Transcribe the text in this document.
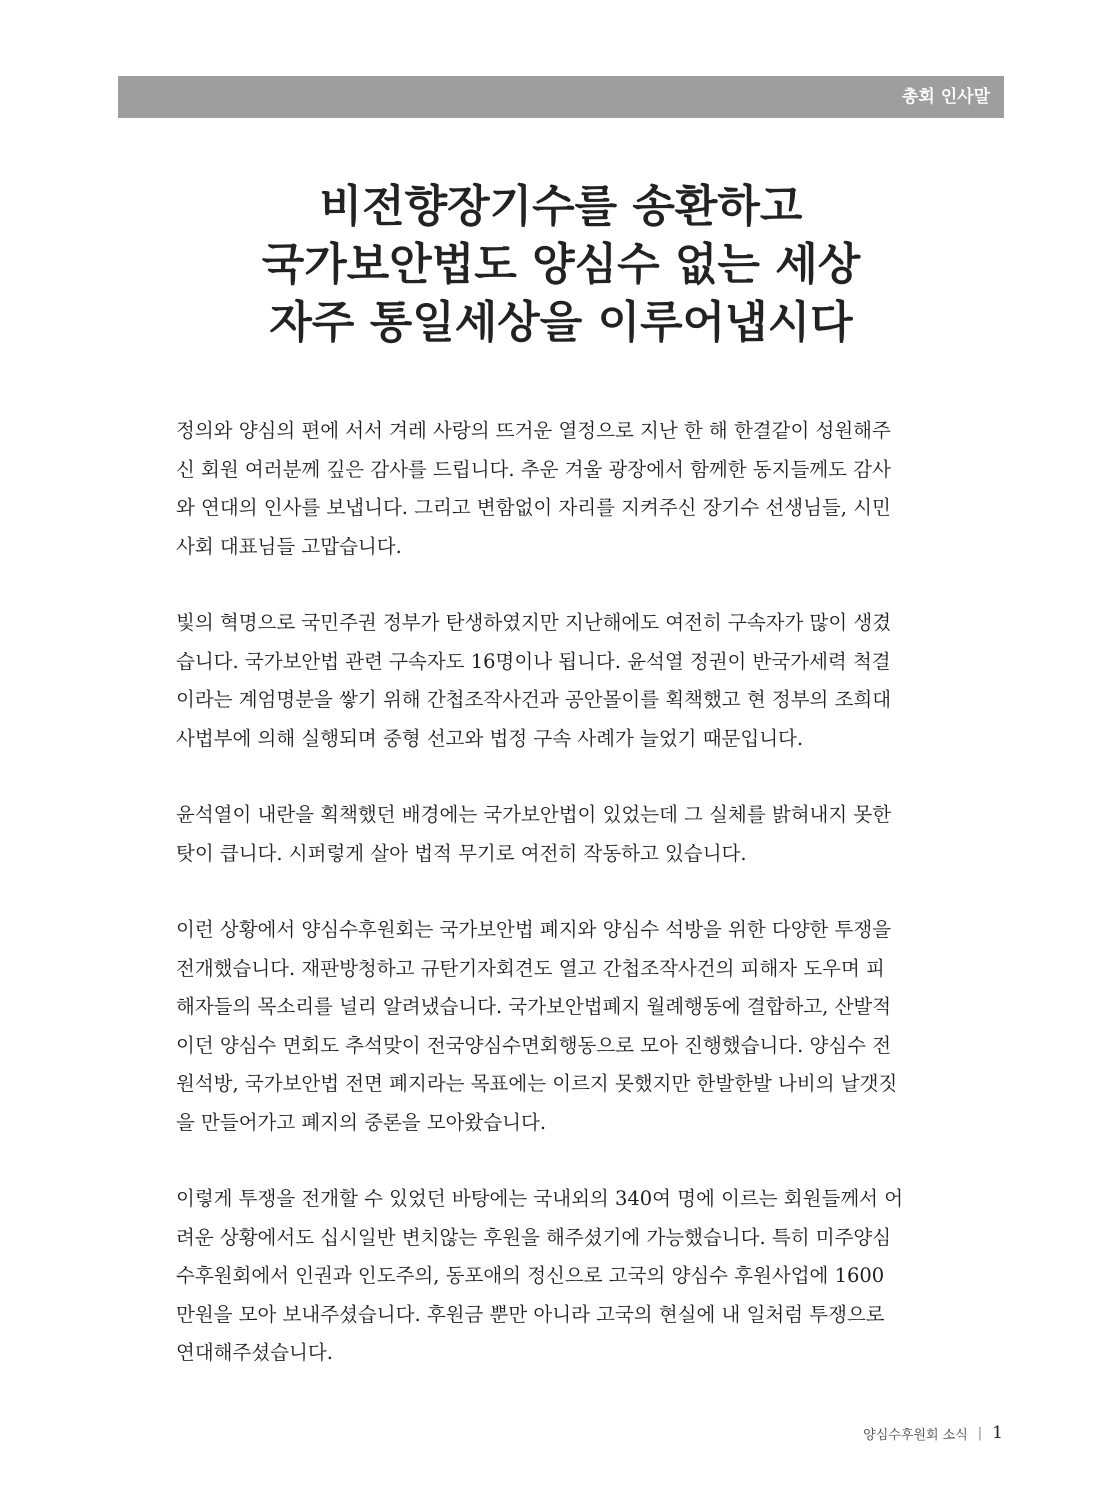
총회 인사말
비전향장기수를 송환하고
국가보안법도 양심수 없는 세상
자주 통일세상을 이루어냅시다

정의와 양심의 편에 서서 겨레 사랑의 뜨거운 열정으로 지난 한 해 한결같이 성원해주
신 회원 여러분께 깊은 감사를 드립니다. 추운 겨울 광장에서 함께한 동지들께도 감사
와 연대의 인사를 보냅니다. 그리고 변함없이 자리를 지켜주신 장기수 선생님들, 시민
사회 대표님들 고맙습니다.

빛의 혁명으로 국민주권 정부가 탄생하였지만 지난해에도 여전히 구속자가 많이 생겼
습니다. 국가보안법 관련 구속자도 16명이나 됩니다. 윤석열 정권이 반국가세력 척결
이라는 계엄명분을 쌓기 위해 간첩조작사건과 공안몰이를 획책했고 현 정부의 조희대
사법부에 의해 실행되며 중형 선고와 법정 구속 사례가 늘었기 때문입니다.

윤석열이 내란을 획책했던 배경에는 국가보안법이 있었는데 그 실체를 밝혀내지 못한
탓이 큽니다. 시퍼렇게 살아 법적 무기로 여전히 작동하고 있습니다.

이런 상황에서 양심수후원회는 국가보안법 폐지와 양심수 석방을 위한 다양한 투쟁을
전개했습니다. 재판방청하고 규탄기자회견도 열고 간첩조작사건의 피해자 도우며 피
해자들의 목소리를 널리 알려냈습니다. 국가보안법폐지 월례행동에 결합하고, 산발적
이던 양심수 면회도 추석맞이 전국양심수면회행동으로 모아 진행했습니다. 양심수 전
원석방, 국가보안법 전면 폐지라는 목표에는 이르지 못했지만 한발한발 나비의 날갯짓
을 만들어가고 폐지의 중론을 모아왔습니다.

이렇게 투쟁을 전개할 수 있었던 바탕에는 국내외의 340여 명에 이르는 회원들께서 어
려운 상황에서도 십시일반 변치않는 후원을 해주셨기에 가능했습니다. 특히 미주양심
수후원회에서 인권과 인도주의, 동포애의 정신으로 고국의 양심수 후원사업에 1600
만원을 모아 보내주셨습니다. 후원금 뿐만 아니라 고국의 현실에 내 일처럼 투쟁으로
연대해주셨습니다.

양심수후원회 소식 | 1
